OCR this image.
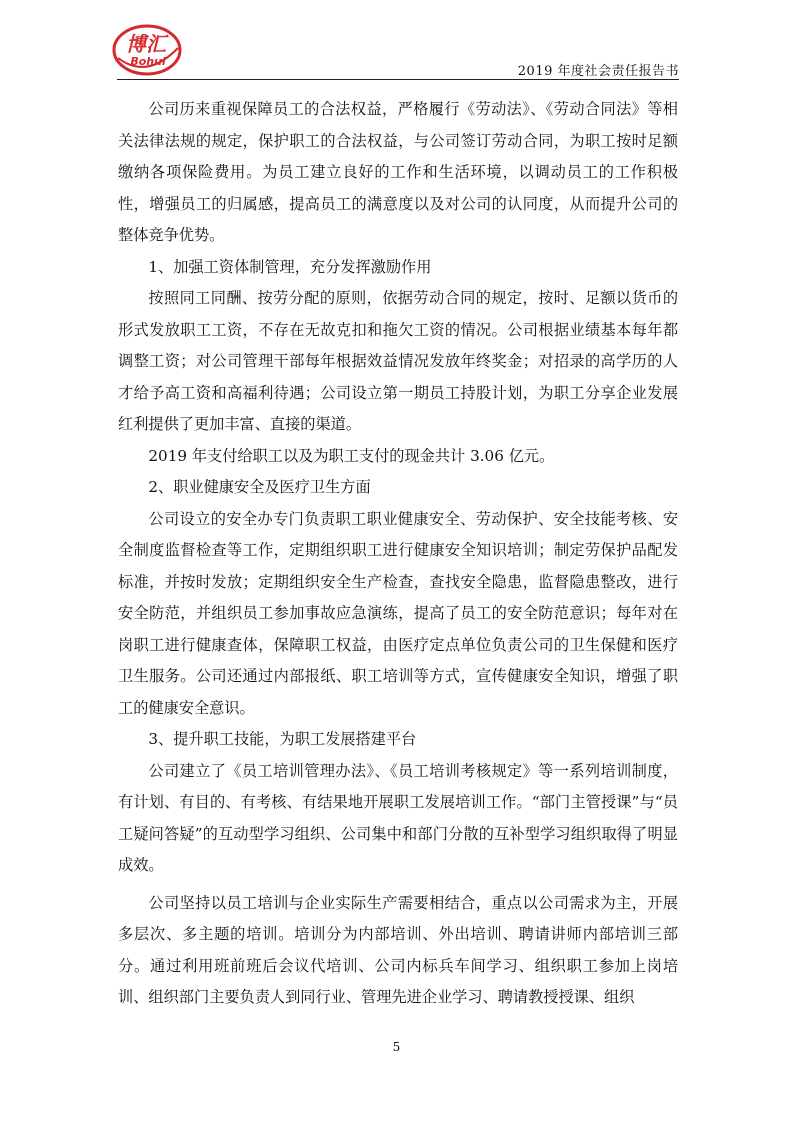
博汇
Bohui
2019 年度社会责任报告书

公司历来重视保障员工的合法权益，严格履行《劳动法》、《劳动合同法》等相关法律法规的规定，保护职工的合法权益，与公司签订劳动合同，为职工按时足额缴纳各项保险费用。为员工建立良好的工作和生活环境，以调动员工的工作积极性，增强员工的归属感，提高员工的满意度以及对公司的认同度，从而提升公司的整体竞争优势。

1、加强工资体制管理，充分发挥激励作用

按照同工同酬、按劳分配的原则，依据劳动合同的规定，按时、足额以货币的形式发放职工工资，不存在无故克扣和拖欠工资的情况。公司根据业绩基本每年都调整工资；对公司管理干部每年根据效益情况发放年终奖金；对招录的高学历的人才给予高工资和高福利待遇；公司设立第一期员工持股计划，为职工分享企业发展红利提供了更加丰富、直接的渠道。

2019 年支付给职工以及为职工支付的现金共计 3.06 亿元。

2、职业健康安全及医疗卫生方面

公司设立的安全办专门负责职工职业健康安全、劳动保护、安全技能考核、安全制度监督检查等工作，定期组织职工进行健康安全知识培训；制定劳保护品配发标准，并按时发放；定期组织安全生产检查，查找安全隐患，监督隐患整改，进行安全防范，并组织员工参加事故应急演练，提高了员工的安全防范意识；每年对在岗职工进行健康查体，保障职工权益，由医疗定点单位负责公司的卫生保健和医疗卫生服务。公司还通过内部报纸、职工培训等方式，宣传健康安全知识，增强了职工的健康安全意识。

3、提升职工技能，为职工发展搭建平台

公司建立了《员工培训管理办法》、《员工培训考核规定》等一系列培训制度，有计划、有目的、有考核、有结果地开展职工发展培训工作。“部门主管授课”与“员工疑问答疑”的互动型学习组织、公司集中和部门分散的互补型学习组织取得了明显成效。

公司坚持以员工培训与企业实际生产需要相结合，重点以公司需求为主，开展多层次、多主题的培训。培训分为内部培训、外出培训、聘请讲师内部培训三部分。通过利用班前班后会议代培训、公司内标兵车间学习、组织职工参加上岗培训、组织部门主要负责人到同行业、管理先进企业学习、聘请教授授课、组织

5
